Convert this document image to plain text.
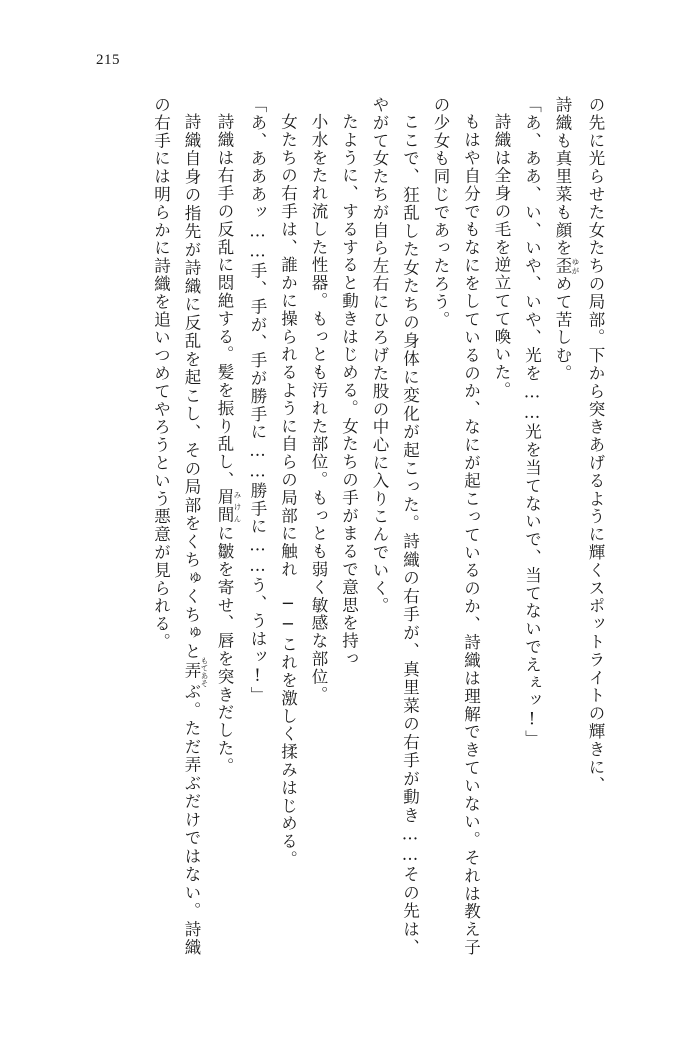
215

の先に光らせた女たちの局部。下から突きあげるように輝くスポットライトの輝きに、

詩織も真里菜も顔を歪 ゆがめて苦しむ。

「あ、ああ、い、いや、いや、光を……光を当てないで、当てないでえぇッ!」

詩織は全身の毛を逆立てて喚いた。

もはや自分でもなにをしているのか、なにが起こっているのか、詩織は理解できていない。それは教え子の少女も同じであったろう。

ここで、狂乱した女たちの身体に変化が起こった。詩織の右手が、真里菜の右手が動き……その先は、やがて女たちが自ら左右にひろげた股の中心に入りこんでいく。

たように、するすると動きはじめる。女たちの手がまるで意思を持っ

小水をたれ流した性器。もっとも汚れた部位。もっとも弱く敏感な部位。

女たちの右手は、誰かに操られるように自らの局部に触れ──これを激しく揉みはじめる。

「あ、あああッ……手、手が、手が勝手に……勝手に……う、うはッ!」

詩織は右手の反乱に悶絶する。髪を振り乱し、眉間 みけんに皺を寄せ、唇を突きだした。

詩織自身の指先が詩織に反乱を起こし、その局部をくちゅくちゅと弄 もてあそぶ。ただ弄ぶだけではない。詩織の右手には明らかに詩織を追いつめてやろうという悪意が見られる。
